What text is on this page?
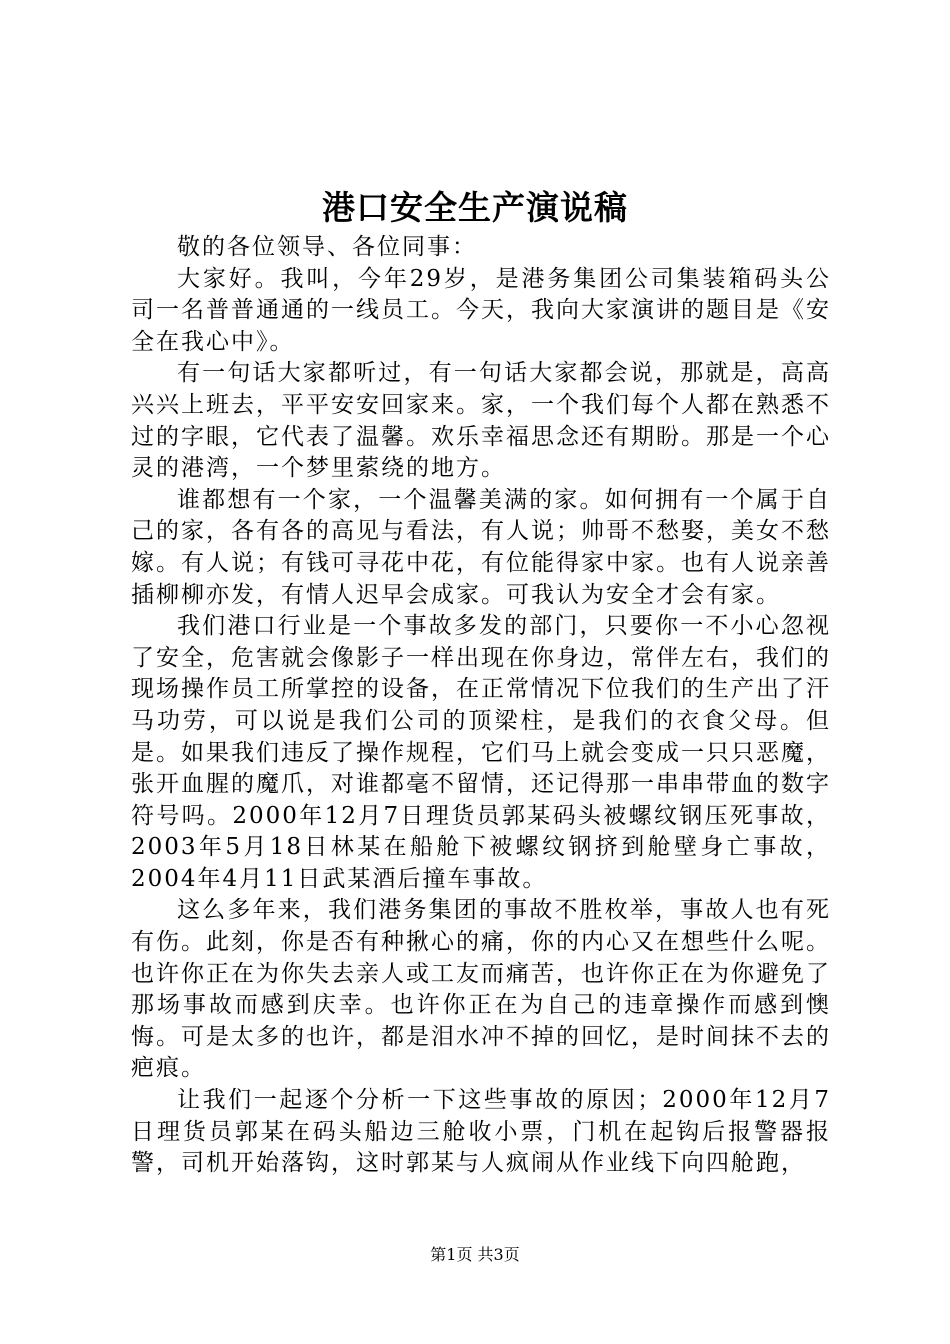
港口安全生产演说稿

敬的各位领导、各位同事：

大家好。我叫，今年29岁，是港务集团公司集装箱码头公司一名普普通通的一线员工。今天，我向大家演讲的题目是《安全在我心中》。

有一句话大家都听过，有一句话大家都会说，那就是，高高兴兴上班去，平平安安回家来。家，一个我们每个人都在熟悉不过的字眼，它代表了温馨。欢乐幸福思念还有期盼。那是一个心灵的港湾，一个梦里萦绕的地方。

谁都想有一个家，一个温馨美满的家。如何拥有一个属于自己的家，各有各的高见与看法，有人说；帅哥不愁娶，美女不愁嫁。有人说；有钱可寻花中花，有位能得家中家。也有人说亲善插柳柳亦发，有情人迟早会成家。可我认为安全才会有家。

我们港口行业是一个事故多发的部门，只要你一不小心忽视了安全，危害就会像影子一样出现在你身边，常伴左右，我们的现场操作员工所掌控的设备，在正常情况下位我们的生产出了汗马功劳，可以说是我们公司的顶梁柱，是我们的衣食父母。但是。如果我们违反了操作规程，它们马上就会变成一只只恶魔，张开血腥的魔爪，对谁都毫不留情，还记得那一串串带血的数字符号吗。2000年12月7日理货员郭某码头被螺纹钢压死事故，2003年5月18日林某在船舱下被螺纹钢挤到舱壁身亡事故，2004年4月11日武某酒后撞车事故。

这么多年来，我们港务集团的事故不胜枚举，事故人也有死有伤。此刻，你是否有种揪心的痛，你的内心又在想些什么呢。也许你正在为你失去亲人或工友而痛苦，也许你正在为你避免了那场事故而感到庆幸。也许你正在为自己的违章操作而感到懊悔。可是太多的也许，都是泪水冲不掉的回忆，是时间抹不去的疤痕。

让我们一起逐个分析一下这些事故的原因；2000年12月7日理货员郭某在码头船边三舱收小票，门机在起钩后报警器报警，司机开始落钩，这时郭某与人疯闹从作业线下向四舱跑，

第1页 共3页
